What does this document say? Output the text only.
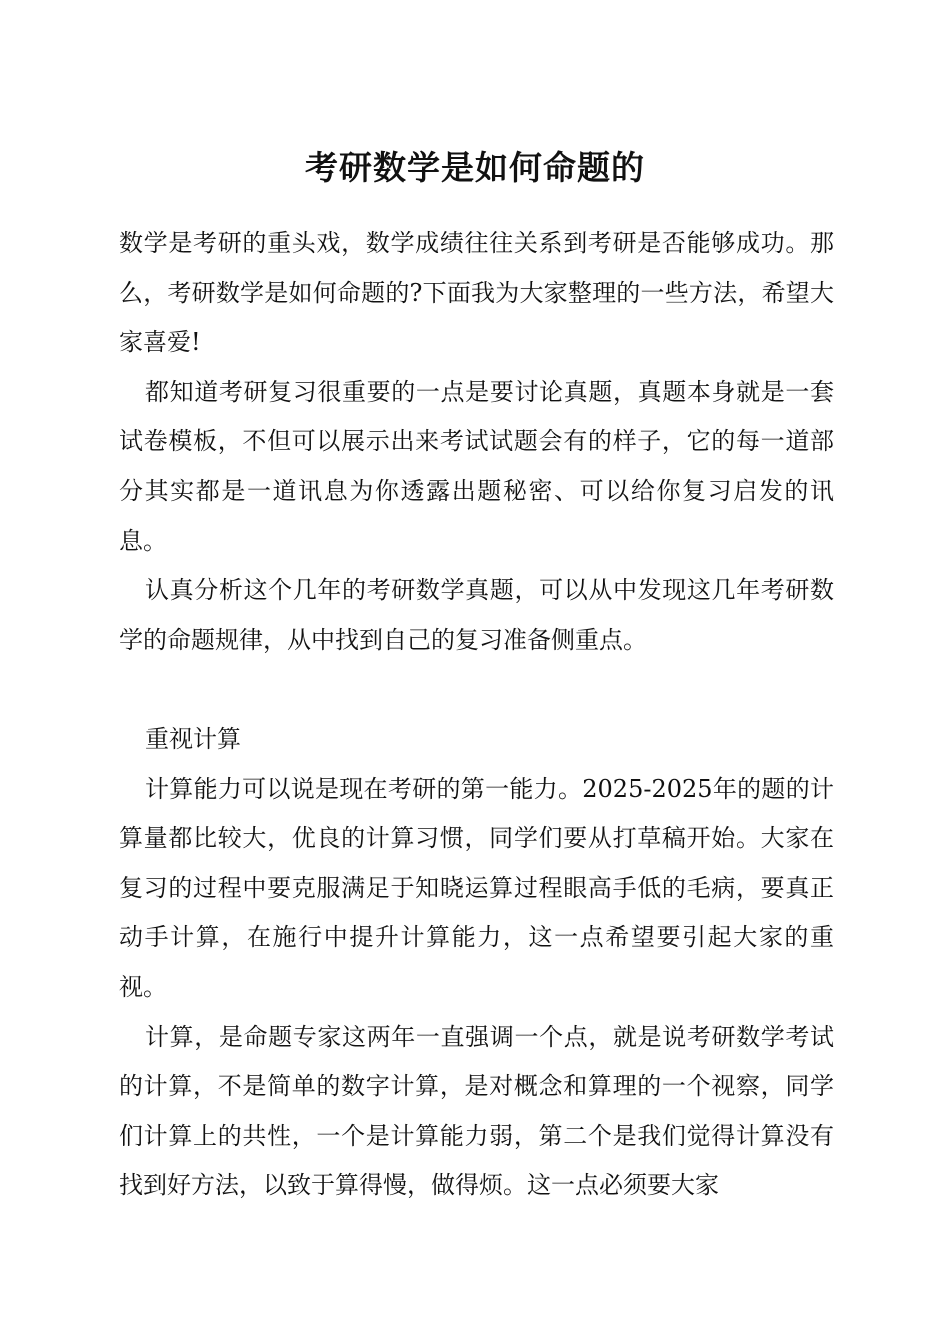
考研数学是如何命题的

数学是考研的重头戏，数学成绩往往关系到考研是否能够成功。那么，考研数学是如何命题的?下面我为大家整理的一些方法，希望大家喜爱!

都知道考研复习很重要的一点是要讨论真题，真题本身就是一套试卷模板，不但可以展示出来考试试题会有的样子，它的每一道部分其实都是一道讯息为你透露出题秘密、可以给你复习启发的讯息。

认真分析这个几年的考研数学真题，可以从中发现这几年考研数学的命题规律，从中找到自己的复习准备侧重点。

重视计算

计算能力可以说是现在考研的第一能力。2025-2025年的题的计算量都比较大，优良的计算习惯，同学们要从打草稿开始。大家在复习的过程中要克服满足于知晓运算过程眼高手低的毛病，要真正动手计算，在施行中提升计算能力，这一点希望要引起大家的重视。

计算，是命题专家这两年一直强调一个点，就是说考研数学考试的计算，不是简单的数字计算，是对概念和算理的一个视察，同学们计算上的共性，一个是计算能力弱，第二个是我们觉得计算没有找到好方法，以致于算得慢，做得烦。这一点必须要大家
